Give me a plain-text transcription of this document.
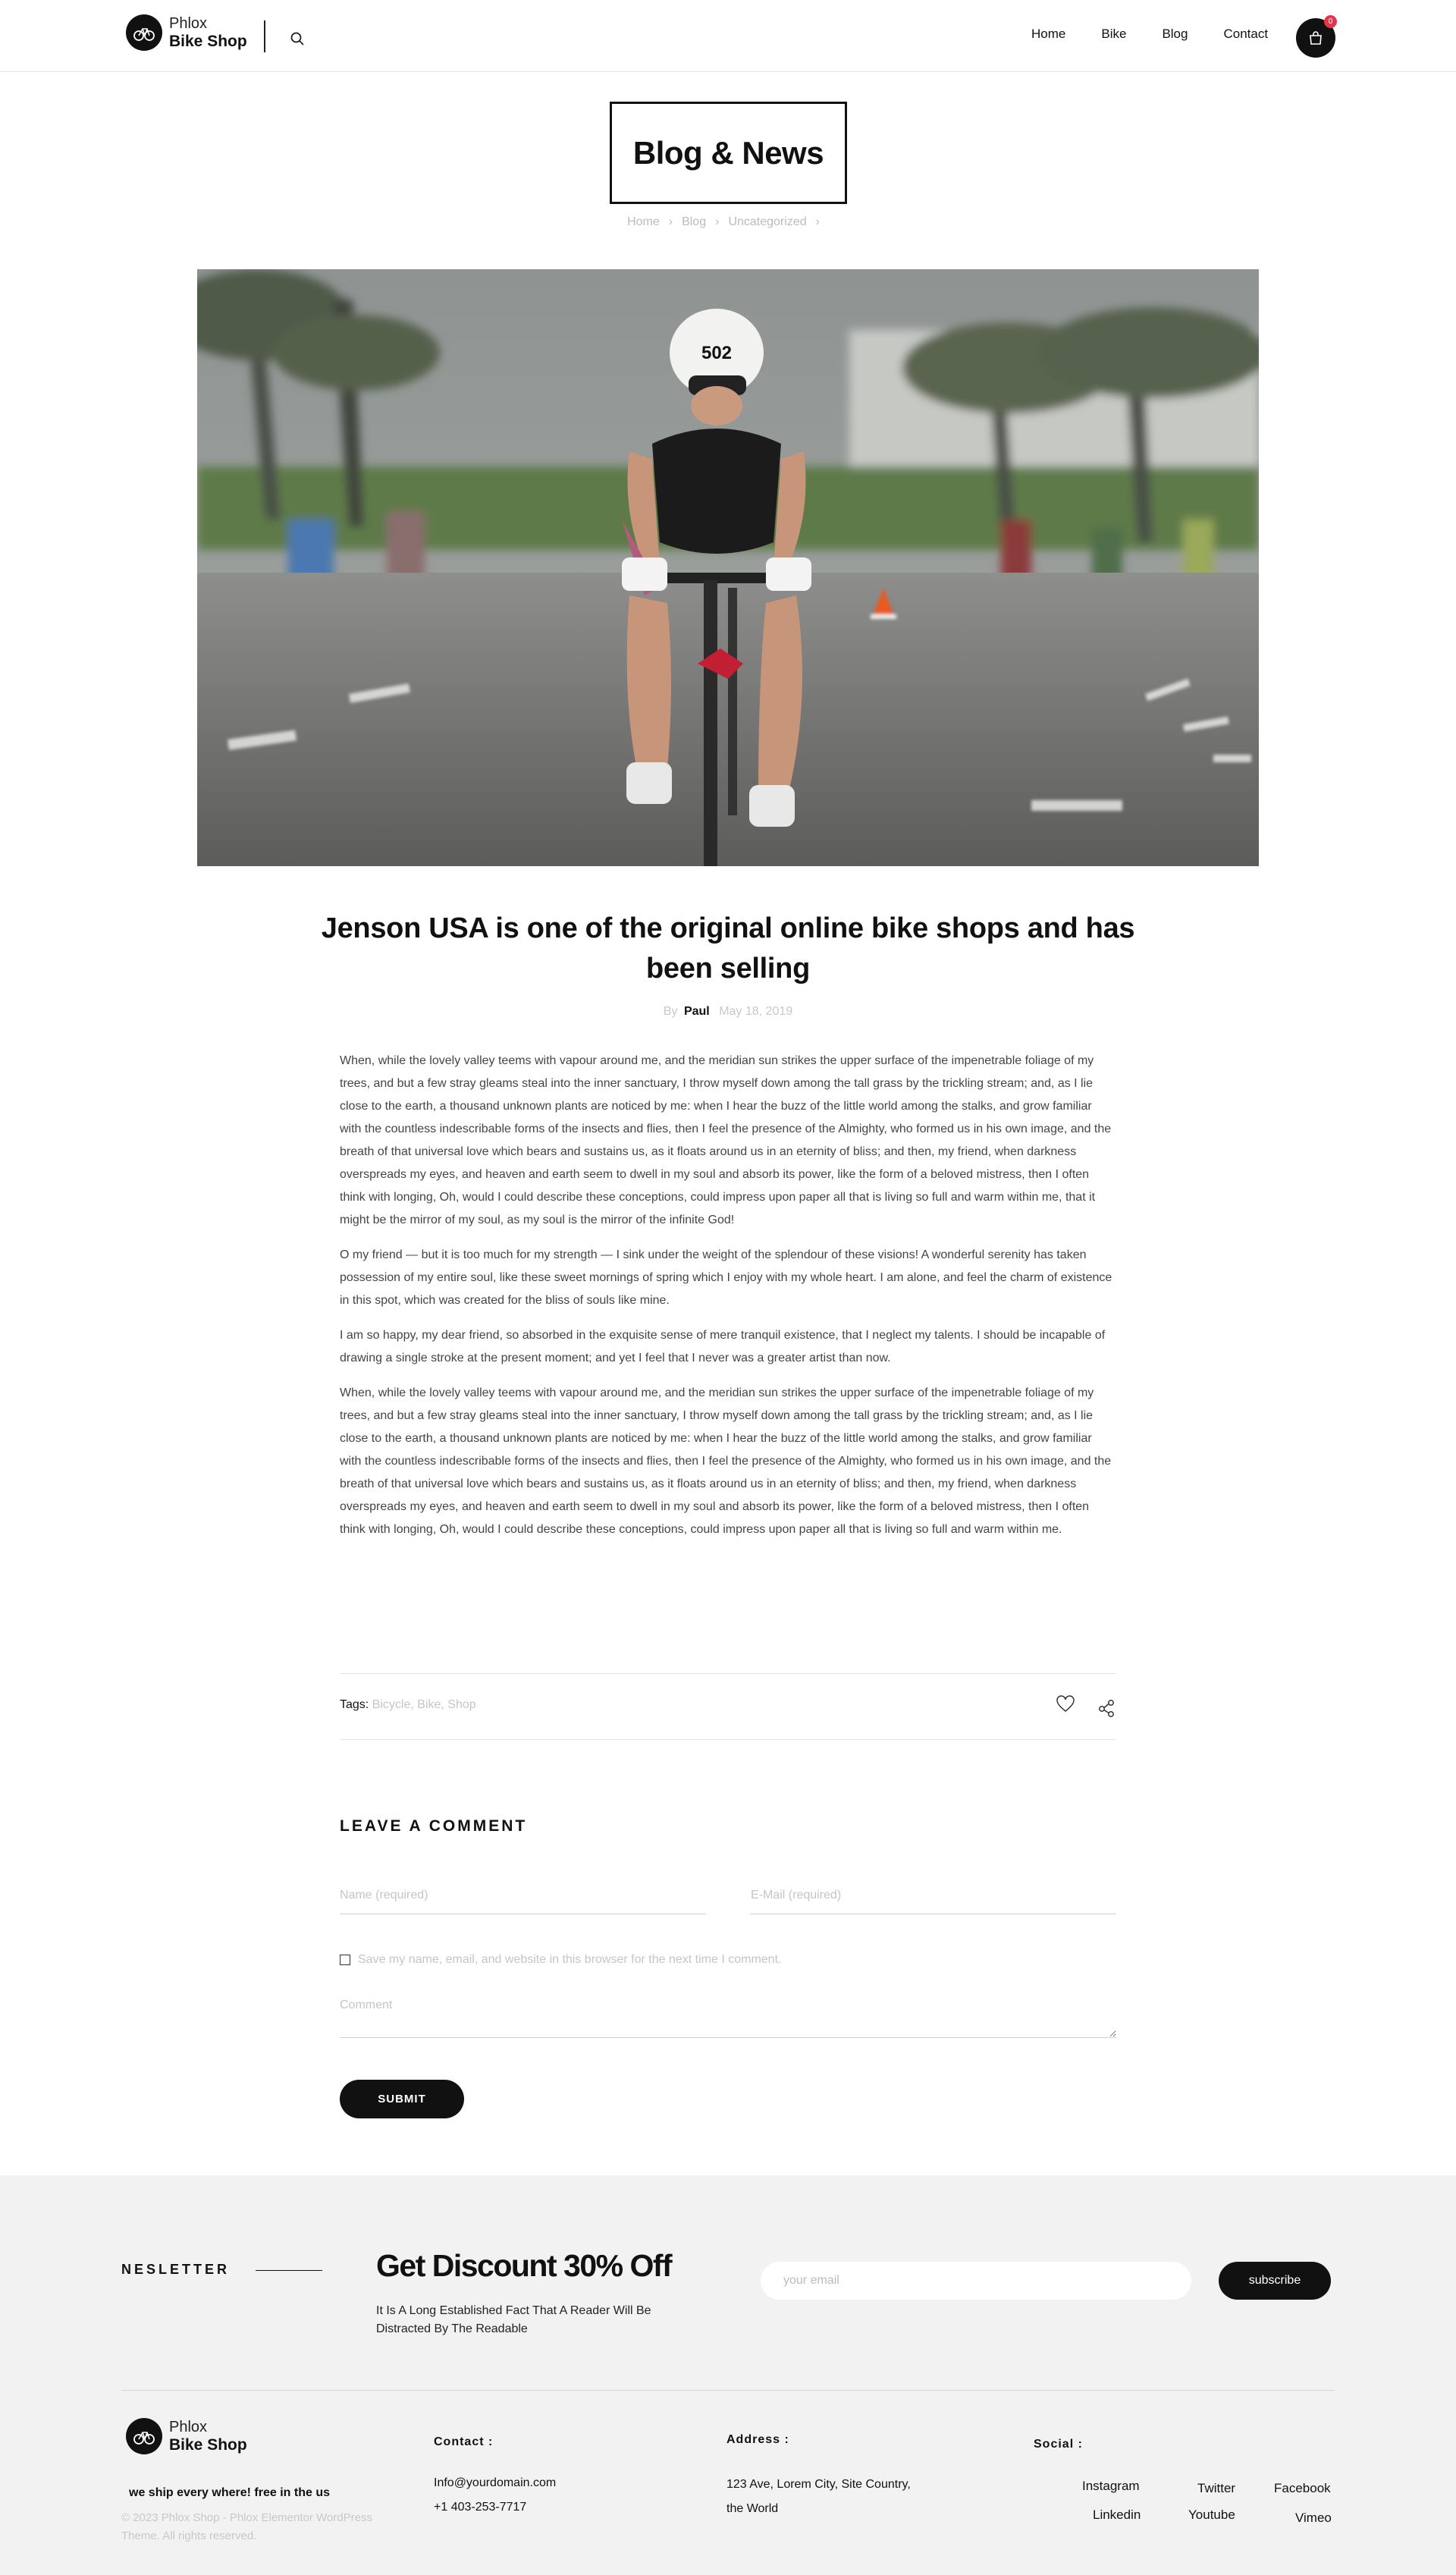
Phlox
Bike Shop	Home	Bike	Blog	Contact
0
Blog & News
Home › Blog › Uncategorized ›
502
Jenson USA is one of the original online bike shops and has been selling
By Paul May 18, 2019

When, while the lovely valley teems with vapour around me, and the meridian sun strikes the upper surface of the impenetrable foliage of my trees, and but a few stray gleams steal into the inner sanctuary, I throw myself down among the tall grass by the trickling stream; and, as I lie close to the earth, a thousand unknown plants are noticed by me: when I hear the buzz of the little world among the stalks, and grow familiar with the countless indescribable forms of the insects and flies, then I feel the presence of the Almighty, who formed us in his own image, and the breath of that universal love which bears and sustains us, as it floats around us in an eternity of bliss; and then, my friend, when darkness overspreads my eyes, and heaven and earth seem to dwell in my soul and absorb its power, like the form of a beloved mistress, then I often think with longing, Oh, would I could describe these conceptions, could impress upon paper all that is living so full and warm within me, that it might be the mirror of my soul, as my soul is the mirror of the infinite God!

O my friend — but it is too much for my strength — I sink under the weight of the splendour of these visions! A wonderful serenity has taken possession of my entire soul, like these sweet mornings of spring which I enjoy with my whole heart. I am alone, and feel the charm of existence in this spot, which was created for the bliss of souls like mine.

I am so happy, my dear friend, so absorbed in the exquisite sense of mere tranquil existence, that I neglect my talents. I should be incapable of drawing a single stroke at the present moment; and yet I feel that I never was a greater artist than now.

When, while the lovely valley teems with vapour around me, and the meridian sun strikes the upper surface of the impenetrable foliage of my trees, and but a few stray gleams steal into the inner sanctuary, I throw myself down among the tall grass by the trickling stream; and, as I lie close to the earth, a thousand unknown plants are noticed by me: when I hear the buzz of the little world among the stalks, and grow familiar with the countless indescribable forms of the insects and flies, then I feel the presence of the Almighty, who formed us in his own image, and the breath of that universal love which bears and sustains us, as it floats around us in an eternity of bliss; and then, my friend, when darkness overspreads my eyes, and heaven and earth seem to dwell in my soul and absorb its power, like the form of a beloved mistress, then I often think with longing, Oh, would I could describe these conceptions, could impress upon paper all that is living so full and warm within me.

Tags: Bicycle, Bike, Shop
LEAVE A COMMENT
Name (required)
E-Mail (required)
Save my name, email, and website in this browser for the next time I comment.
Comment
SUBMIT
NESLETTER	Get Discount 30% Off
It Is A Long Established Fact That A Reader Will Be Distracted By The Readable
your email
subscribe
Phlox
Bike Shop
we ship every where! free in the us
© 2023 Phlox Shop - Phlox Elementor WordPress Theme. All rights reserved.
Contact :
Info@yourdomain.com
+1 403-253-7717
Address :
123 Ave, Lorem City, Site Country,
the World
Social :
Instagram	Twitter	Facebook
Linkedin	Youtube	Vimeo
